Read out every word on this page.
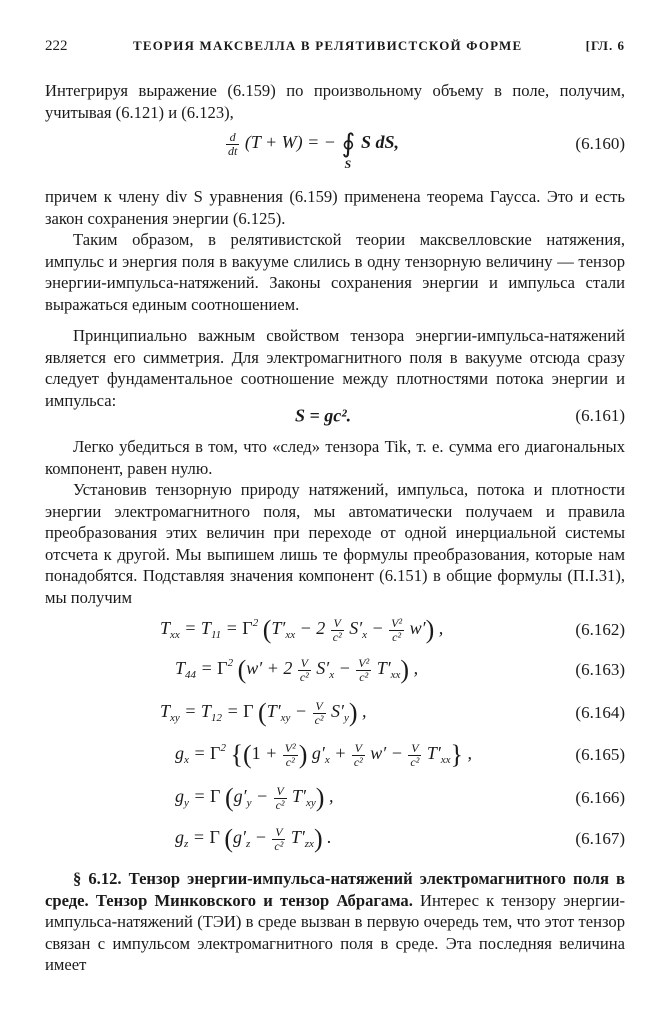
222	ТЕОРИЯ МАКСВЕЛЛА В РЕЛЯТИВИСТСКОЙ ФОРМЕ	[ГЛ. 6

Интегрируя выражение (6.159) по произвольному объему в поле, получим, учитывая (6.121) и (6.123),

$\frac{d}{dt} (T + W)$ = − ∮
S
S dS,	(6.160)

причем к члену div S уравнения (6.159) применена теорема Гаусса. Это и есть закон сохранения энергии (6.125).

Таким образом, в релятивистской теории максвелловские натяжения, импульс и энергия поля в вакууме слились в одну тензорную величину — тензор энергии-импульса-натяжений. Законы сохранения энергии и импульса стали выражаться единым соотношением.

Принципиально важным свойством тензора энергии-импульса-натяжений является его симметрия. Для электромагнитного поля в вакууме отсюда сразу следует фундаментальное соотношение между плотностями потока энергии и импульса:

S = gc².	(6.161)

Легко убедиться в том, что «след» тензора Tik, т. е. сумма его диагональных компонент, равен нулю.

Установив тензорную природу натяжений, импульса, потока и плотности энергии электромагнитного поля, мы автоматически получаем и правила преобразования этих величин при переходе от одной инерциальной системы отсчета к другой. Мы выпишем лишь те формулы преобразования, которые нам понадобятся. Подставляя значения компонент (6.151) в общие формулы (П.I.31), мы получим

$T_{xx} = T_{11} = \Gamma^2$ $(T'_{xx} - 2 \frac{V}{\text{c²}} S'_x - \frac{\text{V²}}{\text{c²}} w')$ ,	(6.162)
$T_{44} = \Gamma^2$ $(w' + 2 \frac{V}{\text{c²}} S'_x - \frac{\text{V²}}{\text{c²}} T'_{xx})$ ,	(6.163)
$T_{xy} = T_{12} = \Gamma$ $(T'_{xy} - \frac{V}{\text{c²}} S'_y)$ ,	(6.164)
$g_x = \Gamma^2$ {($1 + \frac{\text{V²}}{\text{c²}}$ ) $g'_x + \frac{V}{\text{c²}} w' - \frac{V}{\text{c²}} T'_{xx}$} ,	(6.165)
$g_y = \Gamma$ $(g'_y - \frac{V}{\text{c²}} T'_{xy})$ ,	(6.166)
$g_z = \Gamma$ $(g'_z - \frac{V}{\text{c²}} T'_{zx})$ .	(6.167)

§ 6.12. Тензор энергии-импульса-натяжений электромагнитного поля в среде. Тензор Минковского и тензор Абрагама. Интерес к тензору энергии-импульса-натяжений (ТЭИ) в среде вызван в первую очередь тем, что этот тензор связан с импульсом электромагнитного поля в среде. Эта последняя величина имеет
